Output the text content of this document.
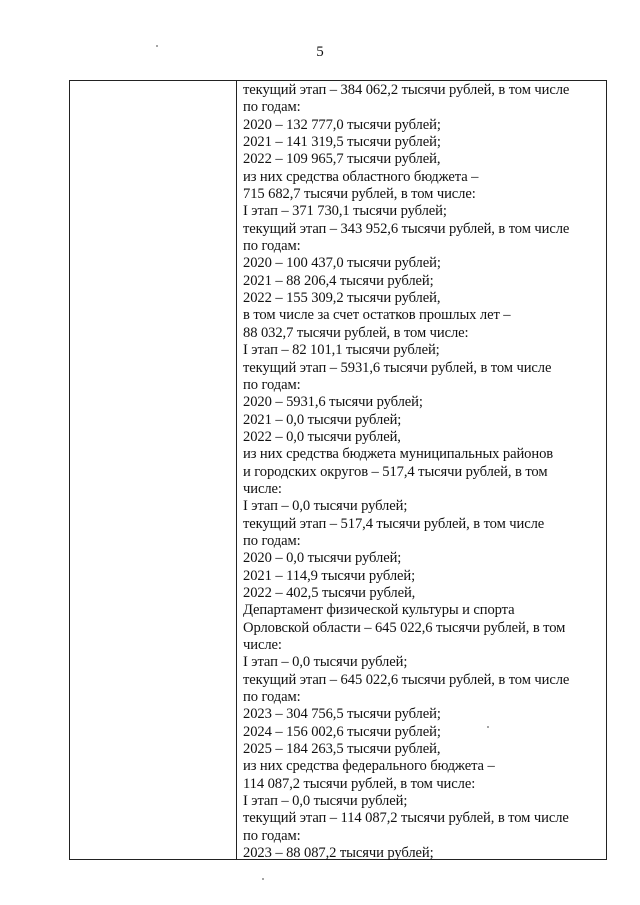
5
текущий этап – 384 062,2 тысячи рублей, в том числе
по годам:
2020 – 132 777,0 тысячи рублей;
2021 – 141 319,5 тысячи рублей;
2022 – 109 965,7 тысячи рублей,
из них средства областного бюджета –
715 682,7 тысячи рублей, в том числе:
I этап – 371 730,1 тысячи рублей;
текущий этап – 343 952,6 тысячи рублей, в том числе
по годам:
2020 – 100 437,0 тысячи рублей;
2021 – 88 206,4 тысячи рублей;
2022 – 155 309,2 тысячи рублей,
в том числе за счет остатков прошлых лет –
88 032,7 тысячи рублей, в том числе:
I этап – 82 101,1 тысячи рублей;
текущий этап – 5931,6 тысячи рублей, в том числе
по годам:
2020 – 5931,6 тысячи рублей;
2021 – 0,0 тысячи рублей;
2022 – 0,0 тысячи рублей,
из них средства бюджета муниципальных районов
и городских округов – 517,4 тысячи рублей, в том
числе:
I этап – 0,0 тысячи рублей;
текущий этап – 517,4 тысячи рублей, в том числе
по годам:
2020 – 0,0 тысячи рублей;
2021 – 114,9 тысячи рублей;
2022 – 402,5 тысячи рублей,
Департамент физической культуры и спорта
Орловской области – 645 022,6 тысячи рублей, в том
числе:
I этап – 0,0 тысячи рублей;
текущий этап – 645 022,6 тысячи рублей, в том числе
по годам:
2023 – 304 756,5 тысячи рублей;
2024 – 156 002,6 тысячи рублей;
2025 – 184 263,5 тысячи рублей,
из них средства федерального бюджета –
114 087,2 тысячи рублей, в том числе:
I этап – 0,0 тысячи рублей;
текущий этап – 114 087,2 тысячи рублей, в том числе
по годам:
2023 – 88 087,2 тысячи рублей;
